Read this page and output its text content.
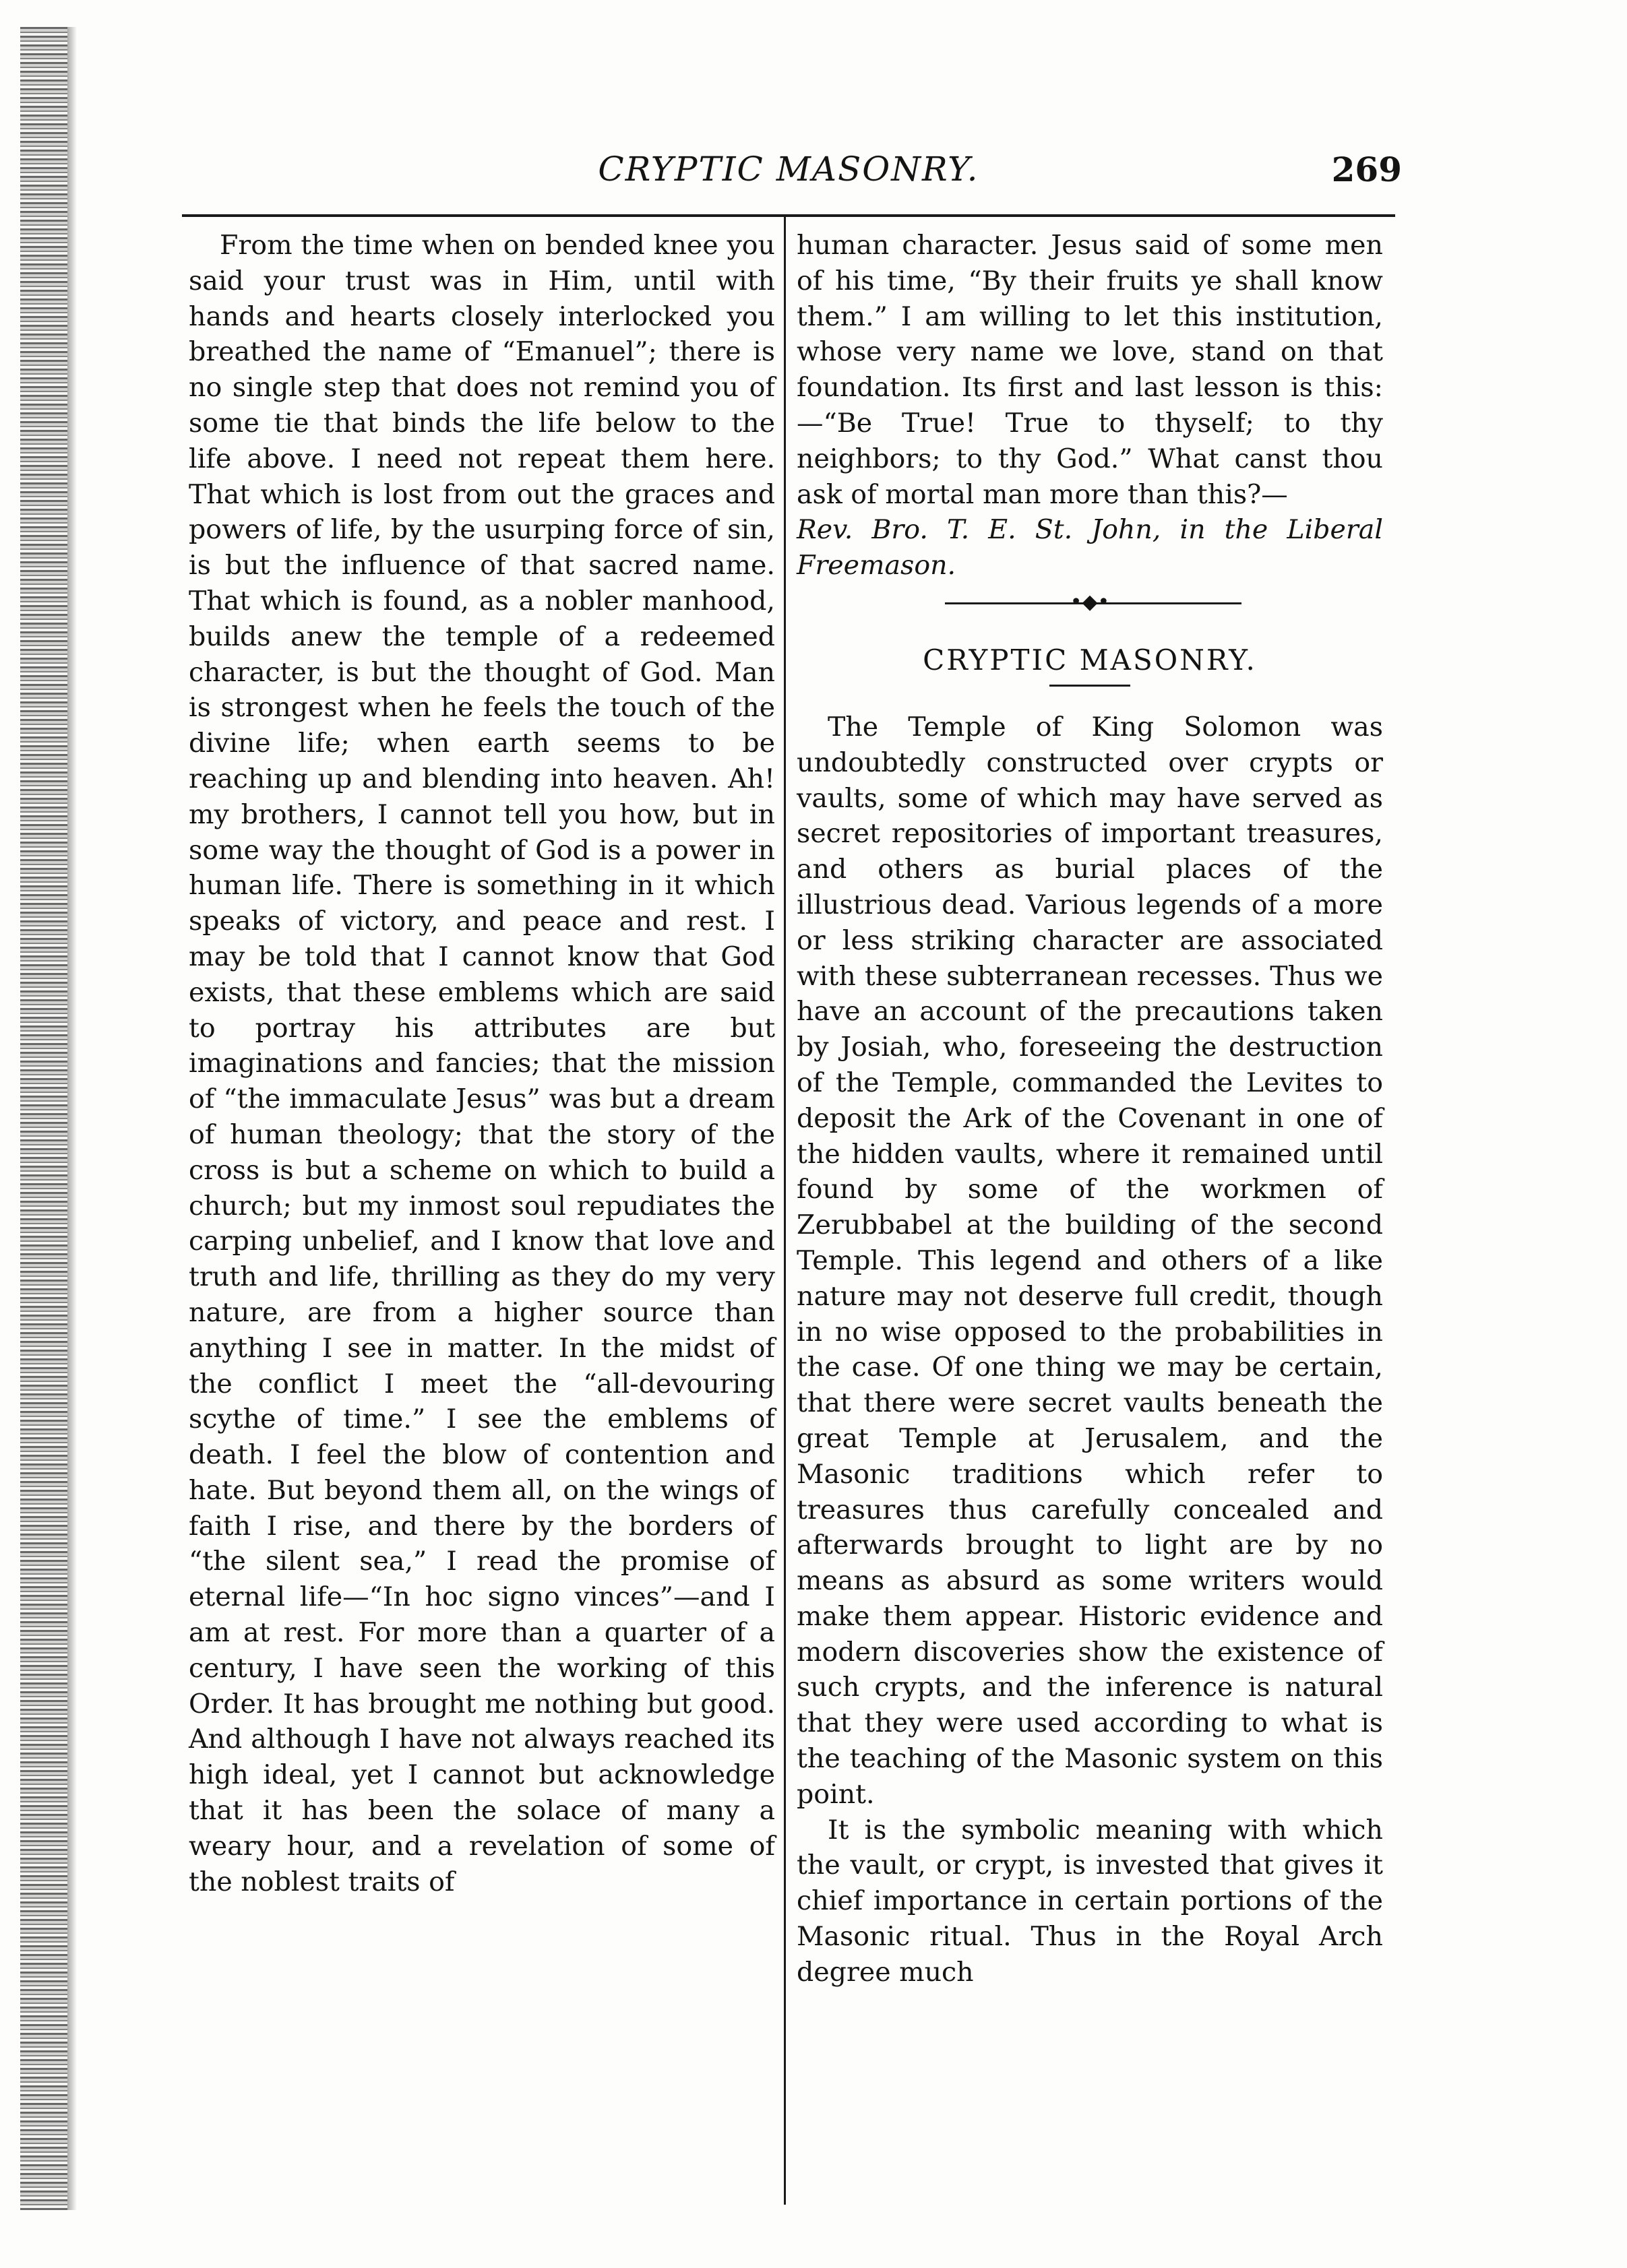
CRYPTIC MASONRY.	269

From the time when on bended knee you said your trust was in Him, until with hands and hearts closely interlocked you breathed the name of “Emanuel”; there is no single step that does not remind you of some tie that binds the life below to the life above. I need not repeat them here. That which is lost from out the graces and powers of life, by the usurping force of sin, is but the influence of that sacred name. That which is found, as a nobler manhood, builds anew the temple of a redeemed character, is but the thought of God. Man is strongest when he feels the touch of the divine life; when earth seems to be reaching up and blending into heaven. Ah! my brothers, I cannot tell you how, but in some way the thought of God is a power in human life. There is something in it which speaks of victory, and peace and rest. I may be told that I cannot know that God exists, that these emblems which are said to portray his attributes are but imaginations and fancies; that the mission of “the immaculate Jesus” was but a dream of human theology; that the story of the cross is but a scheme on which to build a church; but my inmost soul repudiates the carping unbelief, and I know that love and truth and life, thrilling as they do my very nature, are from a higher source than anything I see in matter. In the midst of the conflict I meet the “all-devouring scythe of time.” I see the emblems of death. I feel the blow of contention and hate. But beyond them all, on the wings of faith I rise, and there by the borders of “the silent sea,” I read the promise of eternal life—“In hoc signo vinces”—and I am at rest. For more than a quarter of a century, I have seen the working of this Order. It has brought me nothing but good. And although I have not always reached its high ideal, yet I cannot but acknowledge that it has been the solace of many a weary hour, and a revelation of some of the noblest traits of

human character. Jesus said of some men of his time, “By their fruits ye shall know them.” I am willing to let this institution, whose very name we love, stand on that foundation. Its first and last lesson is this:—“Be True! True to thyself; to thy neighbors; to thy God.” What canst thou ask of mortal man more than this?—

Rev. Bro. T. E. St. John, in the Liberal Freemason.

•◆•
CRYPTIC MASONRY.

The Temple of King Solomon was undoubtedly constructed over crypts or vaults, some of which may have served as secret repositories of important treasures, and others as burial places of the illustrious dead. Various legends of a more or less striking character are associated with these subterranean recesses. Thus we have an account of the precautions taken by Josiah, who, foreseeing the destruction of the Temple, commanded the Levites to deposit the Ark of the Covenant in one of the hidden vaults, where it remained until found by some of the workmen of Zerubbabel at the building of the second Temple. This legend and others of a like nature may not deserve full credit, though in no wise opposed to the probabilities in the case. Of one thing we may be certain, that there were secret vaults beneath the great Temple at Jerusalem, and the Masonic traditions which refer to treasures thus carefully concealed and afterwards brought to light are by no means as absurd as some writers would make them appear. Historic evidence and modern discoveries show the existence of such crypts, and the inference is natural that they were used according to what is the teaching of the Masonic system on this point.

It is the symbolic meaning with which the vault, or crypt, is invested that gives it chief importance in certain portions of the Masonic ritual. Thus in the Royal Arch degree much
